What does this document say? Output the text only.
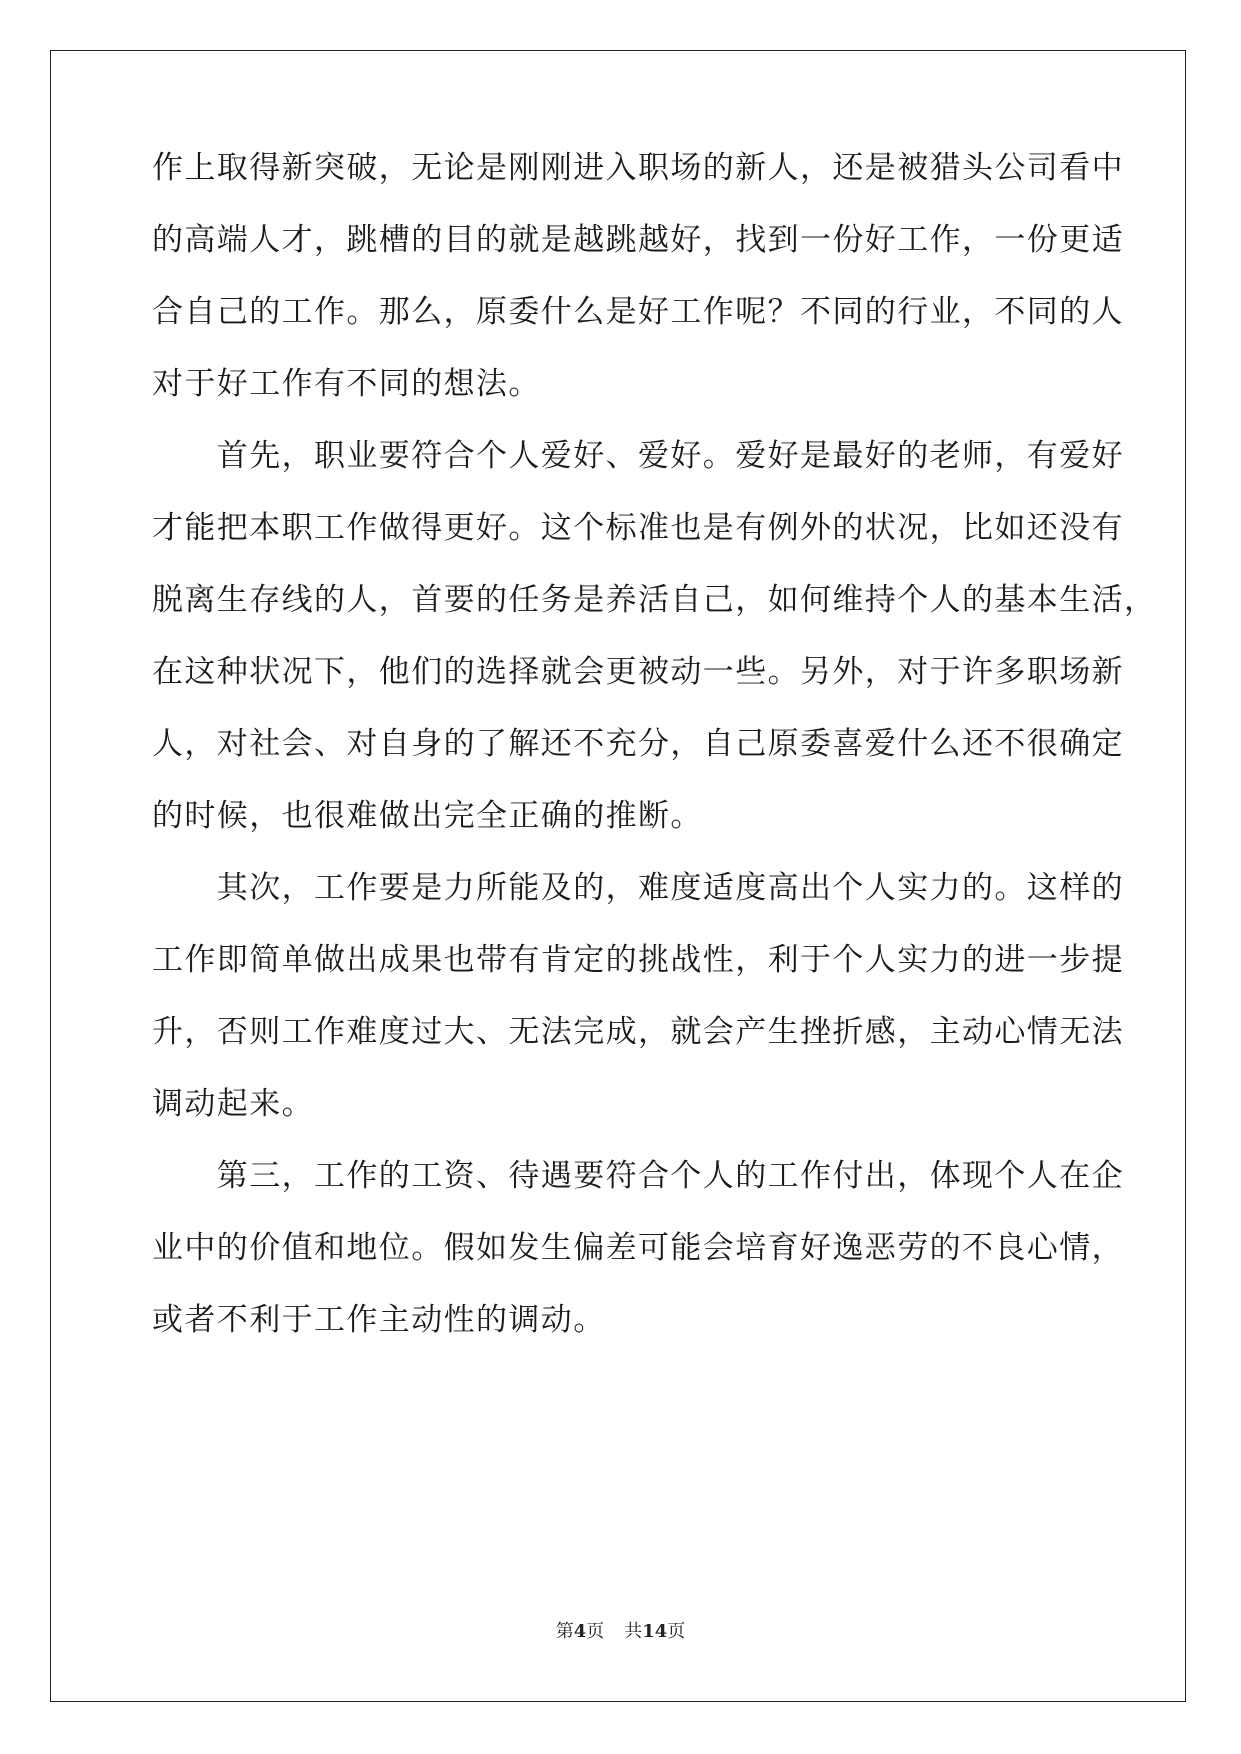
作上取得新突破，无论是刚刚进入职场的新人，还是被猎头公司看中
的高端人才，跳槽的目的就是越跳越好，找到一份好工作，一份更适
合自己的工作。那么，原委什么是好工作呢？不同的行业，不同的人
对于好工作有不同的想法。
　　首先，职业要符合个人爱好、爱好。爱好是最好的老师，有爱好
才能把本职工作做得更好。这个标准也是有例外的状况，比如还没有
脱离生存线的人，首要的任务是养活自己，如何维持个人的基本生活，
在这种状况下，他们的选择就会更被动一些。另外，对于许多职场新
人，对社会、对自身的了解还不充分，自己原委喜爱什么还不很确定
的时候，也很难做出完全正确的推断。
　　其次，工作要是力所能及的，难度适度高出个人实力的。这样的
工作即简单做出成果也带有肯定的挑战性，利于个人实力的进一步提
升，否则工作难度过大、无法完成，就会产生挫折感，主动心情无法
调动起来。
　　第三，工作的工资、待遇要符合个人的工作付出，体现个人在企
业中的价值和地位。假如发生偏差可能会培育好逸恶劳的不良心情，
或者不利于工作主动性的调动。
第4页 共14页
